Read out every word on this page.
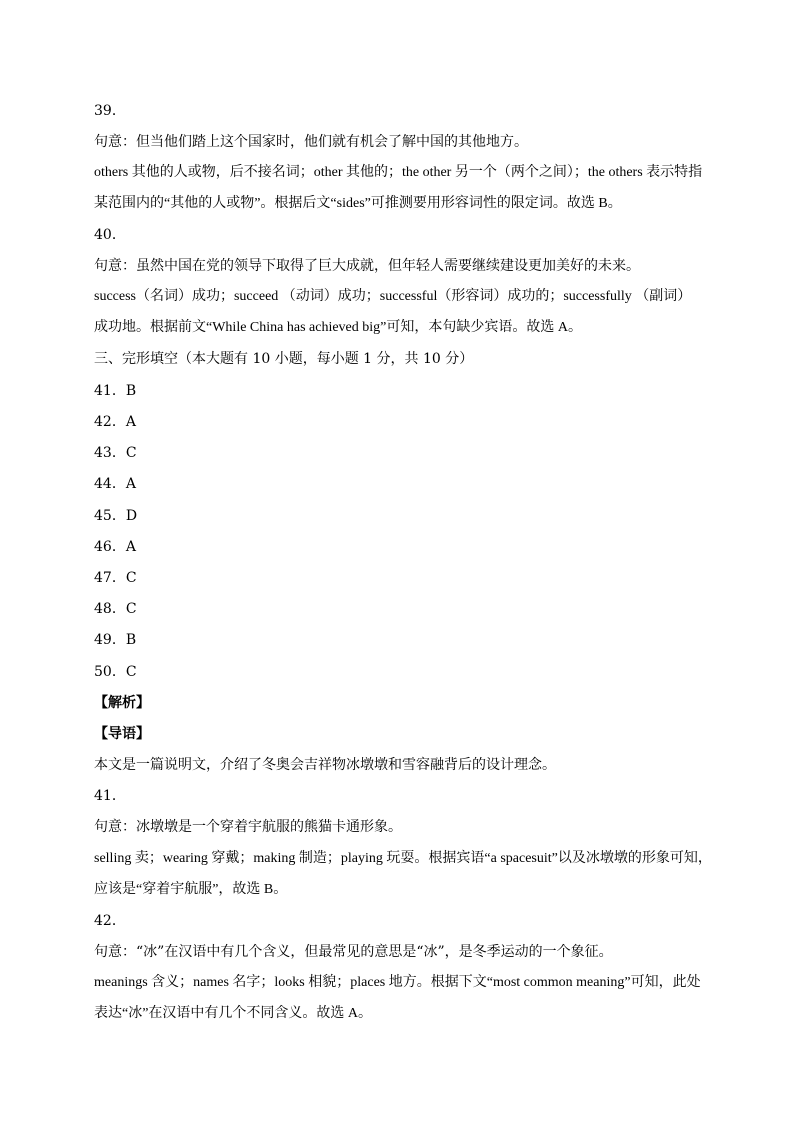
39．
句意：但当他们踏上这个国家时，他们就有机会了解中国的其他地方。
others 其他的人或物，后不接名词；other 其他的；the other 另一个（两个之间）；the others 表示特指
某范围内的“其他的人或物”。根据后文“sides”可推测要用形容词性的限定词。故选 B。
40．
句意：虽然中国在党的领导下取得了巨大成就，但年轻人需要继续建设更加美好的未来。
success（名词）成功；succeed （动词）成功；successful（形容词）成功的；successfully （副词）
成功地。根据前文“While China has achieved big”可知，本句缺少宾语。故选 A。
三、完形填空（本大题有 10 小题，每小题 1 分，共 10 分）
41．B
42．A
43．C
44．A
45．D
46．A
47．C
48．C
49．B
50．C
【解析】
【导语】
本文是一篇说明文，介绍了冬奥会吉祥物冰墩墩和雪容融背后的设计理念。
41．
句意：冰墩墩是一个穿着宇航服的熊猫卡通形象。
selling 卖；wearing 穿戴；making 制造；playing 玩耍。根据宾语“a spacesuit”以及冰墩墩的形象可知，
应该是“穿着宇航服”，故选 B。
42．
句意：“冰”在汉语中有几个含义，但最常见的意思是“冰”，是冬季运动的一个象征。
meanings 含义；names 名字；looks 相貌；places 地方。根据下文“most common meaning”可知，此处
表达“冰”在汉语中有几个不同含义。故选 A。
